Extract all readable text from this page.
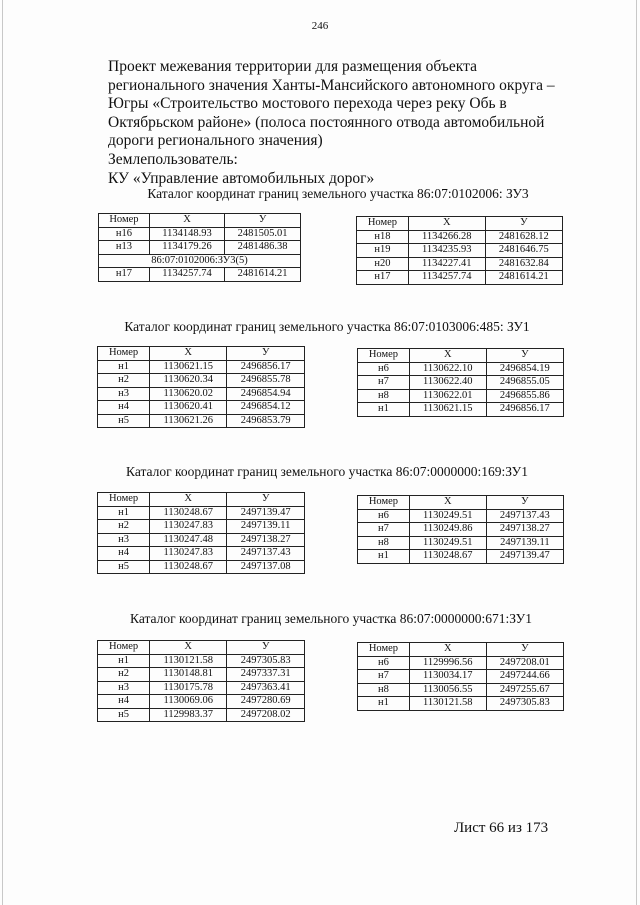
246
Проект межевания территории для размещения объекта
регионального значения Ханты-Мансийского автономного округа –
Югры «Строительство мостового перехода через реку Обь в
Октябрьском районе» (полоса постоянного отвода автомобильной
дороги регионального значения)
Землепользователь:
КУ «Управление автомобильных дорог»
Каталог координат границ земельного участка 86:07:0102006: ЗУ3
Номер	X	У
н16	1134148.93	2481505.01
н13	1134179.26	2481486.38
86:07:0102006:ЗУ3(5)		
н17	1134257.74	2481614.21
Номер	X	У
н18	1134266.28	2481628.12
н19	1134235.93	2481646.75
н20	1134227.41	2481632.84
н17	1134257.74	2481614.21
Каталог координат границ земельного участка 86:07:0103006:485: ЗУ1
Номер	X	У
н1	1130621.15	2496856.17
н2	1130620.34	2496855.78
н3	1130620.02	2496854.94
н4	1130620.41	2496854.12
н5	1130621.26	2496853.79
Номер	X	У
н6	1130622.10	2496854.19
н7	1130622.40	2496855.05
н8	1130622.01	2496855.86
н1	1130621.15	2496856.17
Каталог координат границ земельного участка 86:07:0000000:169:ЗУ1
Номер	X	У
н1	1130248.67	2497139.47
н2	1130247.83	2497139.11
н3	1130247.48	2497138.27
н4	1130247.83	2497137.43
н5	1130248.67	2497137.08
Номер	X	У
н6	1130249.51	2497137.43
н7	1130249.86	2497138.27
н8	1130249.51	2497139.11
н1	1130248.67	2497139.47
Каталог координат границ земельного участка 86:07:0000000:671:ЗУ1
Номер	X	У
н1	1130121.58	2497305.83
н2	1130148.81	2497337.31
н3	1130175.78	2497363.41
н4	1130069.06	2497280.69
н5	1129983.37	2497208.02
Номер	X	У
н6	1129996.56	2497208.01
н7	1130034.17	2497244.66
н8	1130056.55	2497255.67
н1	1130121.58	2497305.83
Лист 66 из 173
